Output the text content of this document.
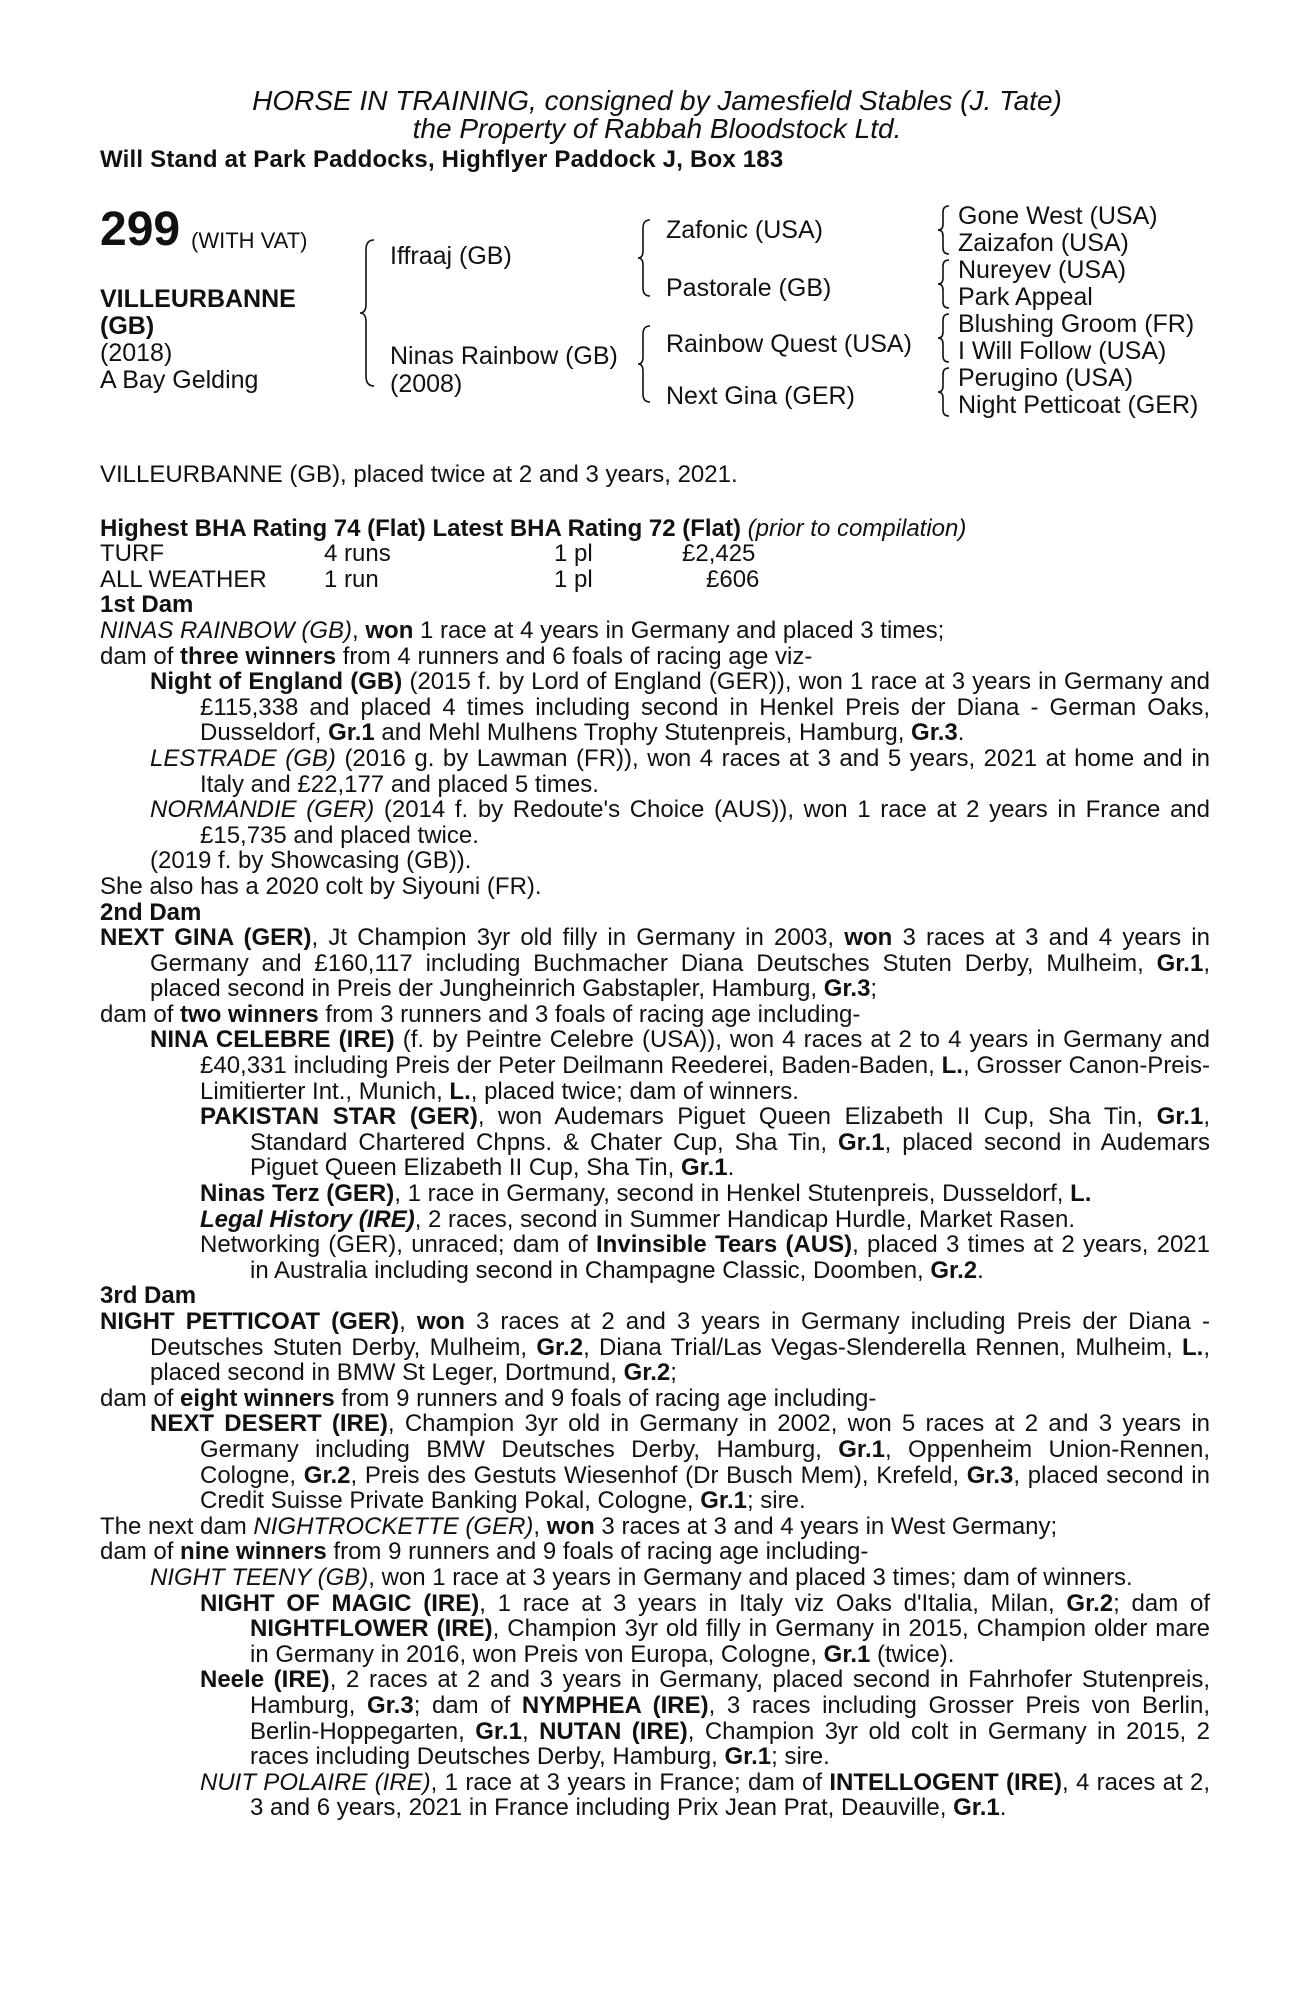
HORSE IN TRAINING, consigned by Jamesfield Stables (J. Tate)
the Property of Rabbah Bloodstock Ltd.
Will Stand at Park Paddocks, Highflyer Paddock J, Box 183
299 (WITH VAT)
VILLEURBANNE
(GB)
(2018)
A Bay Gelding
Iffraaj (GB)
Ninas Rainbow (GB)
(2008)
Zafonic (USA)
Pastorale (GB)
Rainbow Quest (USA)
Next Gina (GER)
Gone West (USA)
Zaizafon (USA)
Nureyev (USA)
Park Appeal
Blushing Groom (FR)
I Will Follow (USA)
Perugino (USA)
Night Petticoat (GER)

VILLEURBANNE (GB), placed twice at 2 and 3 years, 2021.

Highest BHA Rating 74 (Flat) Latest BHA Rating 72 (Flat) (prior to compilation)

TURF	4 runs	1 pl	£2,425
ALL WEATHER 1 run	1 pl	£606

1st Dam

NINAS RAINBOW (GB), won 1 race at 4 years in Germany and placed 3 times;

dam of three winners from 4 runners and 6 foals of racing age viz-

Night of England (GB) (2015 f. by Lord of England (GER)), won 1 race at 3 years in Germany and £115,338 and placed 4 times including second in Henkel Preis der Diana - German Oaks, Dusseldorf, Gr.1 and Mehl Mulhens Trophy Stutenpreis, Hamburg, Gr.3.

LESTRADE (GB) (2016 g. by Lawman (FR)), won 4 races at 3 and 5 years, 2021 at home and in Italy and £22,177 and placed 5 times.

NORMANDIE (GER) (2014 f. by Redoute's Choice (AUS)), won 1 race at 2 years in France and £15,735 and placed twice.

(2019 f. by Showcasing (GB)).

She also has a 2020 colt by Siyouni (FR).

2nd Dam

NEXT GINA (GER), Jt Champion 3yr old filly in Germany in 2003, won 3 races at 3 and 4 years in Germany and £160,117 including Buchmacher Diana Deutsches Stuten Derby, Mulheim, Gr.1, placed second in Preis der Jungheinrich Gabstapler, Hamburg, Gr.3;

dam of two winners from 3 runners and 3 foals of racing age including-

NINA CELEBRE (IRE) (f. by Peintre Celebre (USA)), won 4 races at 2 to 4 years in Germany and £40,331 including Preis der Peter Deilmann Reederei, Baden-Baden, L., Grosser Canon-Preis-Limitierter Int., Munich, L., placed twice; dam of winners.

PAKISTAN STAR (GER), won Audemars Piguet Queen Elizabeth II Cup, Sha Tin, Gr.1, Standard Chartered Chpns. & Chater Cup, Sha Tin, Gr.1, placed second in Audemars Piguet Queen Elizabeth II Cup, Sha Tin, Gr.1.

Ninas Terz (GER), 1 race in Germany, second in Henkel Stutenpreis, Dusseldorf, L.

Legal History (IRE), 2 races, second in Summer Handicap Hurdle, Market Rasen.

Networking (GER), unraced; dam of Invinsible Tears (AUS), placed 3 times at 2 years, 2021 in Australia including second in Champagne Classic, Doomben, Gr.2.

3rd Dam

NIGHT PETTICOAT (GER), won 3 races at 2 and 3 years in Germany including Preis der Diana - Deutsches Stuten Derby, Mulheim, Gr.2, Diana Trial/Las Vegas-Slenderella Rennen, Mulheim, L., placed second in BMW St Leger, Dortmund, Gr.2;

dam of eight winners from 9 runners and 9 foals of racing age including-

NEXT DESERT (IRE), Champion 3yr old in Germany in 2002, won 5 races at 2 and 3 years in Germany including BMW Deutsches Derby, Hamburg, Gr.1, Oppenheim Union-Rennen, Cologne, Gr.2, Preis des Gestuts Wiesenhof (Dr Busch Mem), Krefeld, Gr.3, placed second in Credit Suisse Private Banking Pokal, Cologne, Gr.1; sire.

The next dam NIGHTROCKETTE (GER), won 3 races at 3 and 4 years in West Germany;

dam of nine winners from 9 runners and 9 foals of racing age including-

NIGHT TEENY (GB), won 1 race at 3 years in Germany and placed 3 times; dam of winners.

NIGHT OF MAGIC (IRE), 1 race at 3 years in Italy viz Oaks d'Italia, Milan, Gr.2; dam of NIGHTFLOWER (IRE), Champion 3yr old filly in Germany in 2015, Champion older mare in Germany in 2016, won Preis von Europa, Cologne, Gr.1 (twice).

Neele (IRE), 2 races at 2 and 3 years in Germany, placed second in Fahrhofer Stutenpreis, Hamburg, Gr.3; dam of NYMPHEA (IRE), 3 races including Grosser Preis von Berlin, Berlin-Hoppegarten, Gr.1, NUTAN (IRE), Champion 3yr old colt in Germany in 2015, 2 races including Deutsches Derby, Hamburg, Gr.1; sire.

NUIT POLAIRE (IRE), 1 race at 3 years in France; dam of INTELLOGENT (IRE), 4 races at 2, 3 and 6 years, 2021 in France including Prix Jean Prat, Deauville, Gr.1.
